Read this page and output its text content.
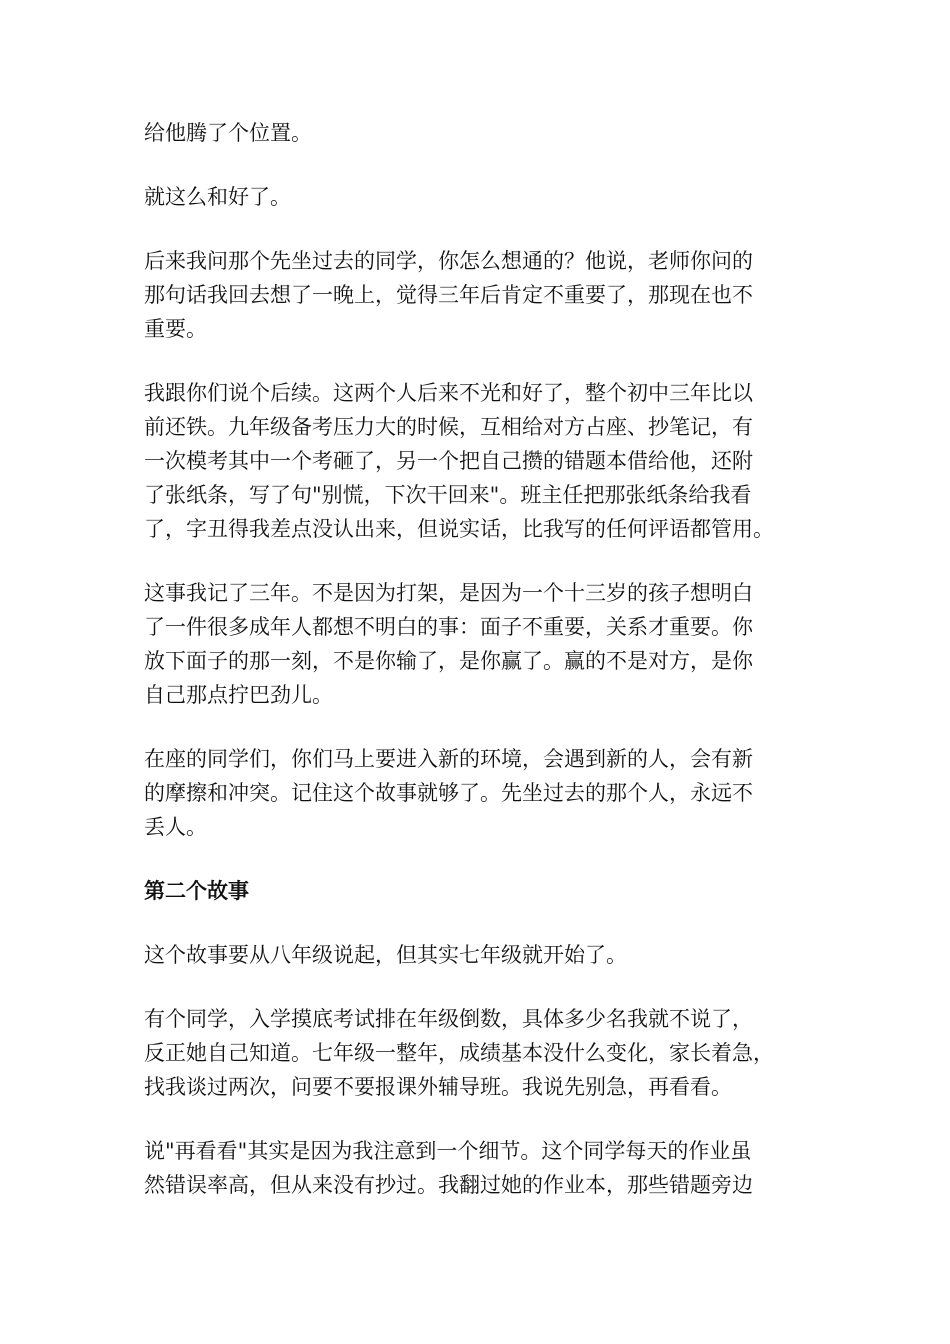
给他腾了个位置。

就这么和好了。

后来我问那个先坐过去的同学，你怎么想通的？他说，老师你问的
那句话我回去想了一晚上，觉得三年后肯定不重要了，那现在也不
重要。

我跟你们说个后续。这两个人后来不光和好了，整个初中三年比以
前还铁。九年级备考压力大的时候，互相给对方占座、抄笔记，有
一次模考其中一个考砸了，另一个把自己攒的错题本借给他，还附
了张纸条，写了句"别慌，下次干回来"。班主任把那张纸条给我看
了，字丑得我差点没认出来，但说实话，比我写的任何评语都管用。

这事我记了三年。不是因为打架，是因为一个十三岁的孩子想明白
了一件很多成年人都想不明白的事：面子不重要，关系才重要。你
放下面子的那一刻，不是你输了，是你赢了。赢的不是对方，是你
自己那点拧巴劲儿。

在座的同学们，你们马上要进入新的环境，会遇到新的人，会有新
的摩擦和冲突。记住这个故事就够了。先坐过去的那个人，永远不
丢人。

第二个故事

这个故事要从八年级说起，但其实七年级就开始了。

有个同学，入学摸底考试排在年级倒数，具体多少名我就不说了，
反正她自己知道。七年级一整年，成绩基本没什么变化，家长着急，
找我谈过两次，问要不要报课外辅导班。我说先别急，再看看。

说"再看看"其实是因为我注意到一个细节。这个同学每天的作业虽
然错误率高，但从来没有抄过。我翻过她的作业本，那些错题旁边
